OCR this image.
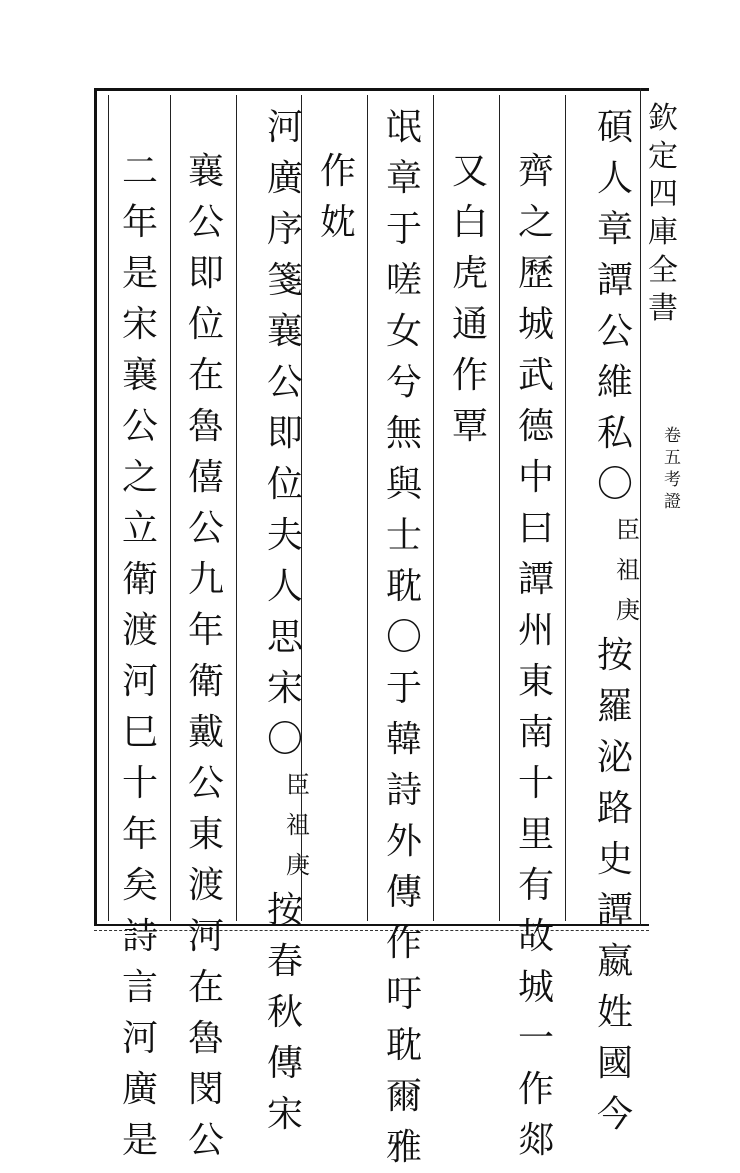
欽
定
四
庫
全
書
卷
五
考
證
碩
人
章
譚
公
維
私
〇
臣
祖
庚
按
羅
泌
路
史
譚
嬴
姓
國
今
齊
之
歷
城
武
德
中
曰
譚
州
東
南
十
里
有
故
城
一
作
郯
又
白
虎
通
作
覃
氓
章
于
嗟
女
兮
無
與
士
耽
〇
于
韓
詩
外
傳
作
吁
耽
爾
雅
作
妉
河
廣
序
箋
襄
公
即
位
夫
人
思
宋
〇
臣
祖
庚
按
春
秋
傳
宋
襄
公
即
位
在
魯
僖
公
九
年
衛
戴
公
東
渡
河
在
魯
閔
公
二
年
是
宋
襄
公
之
立
衛
渡
河
巳
十
年
矣
詩
言
河
廣
是
